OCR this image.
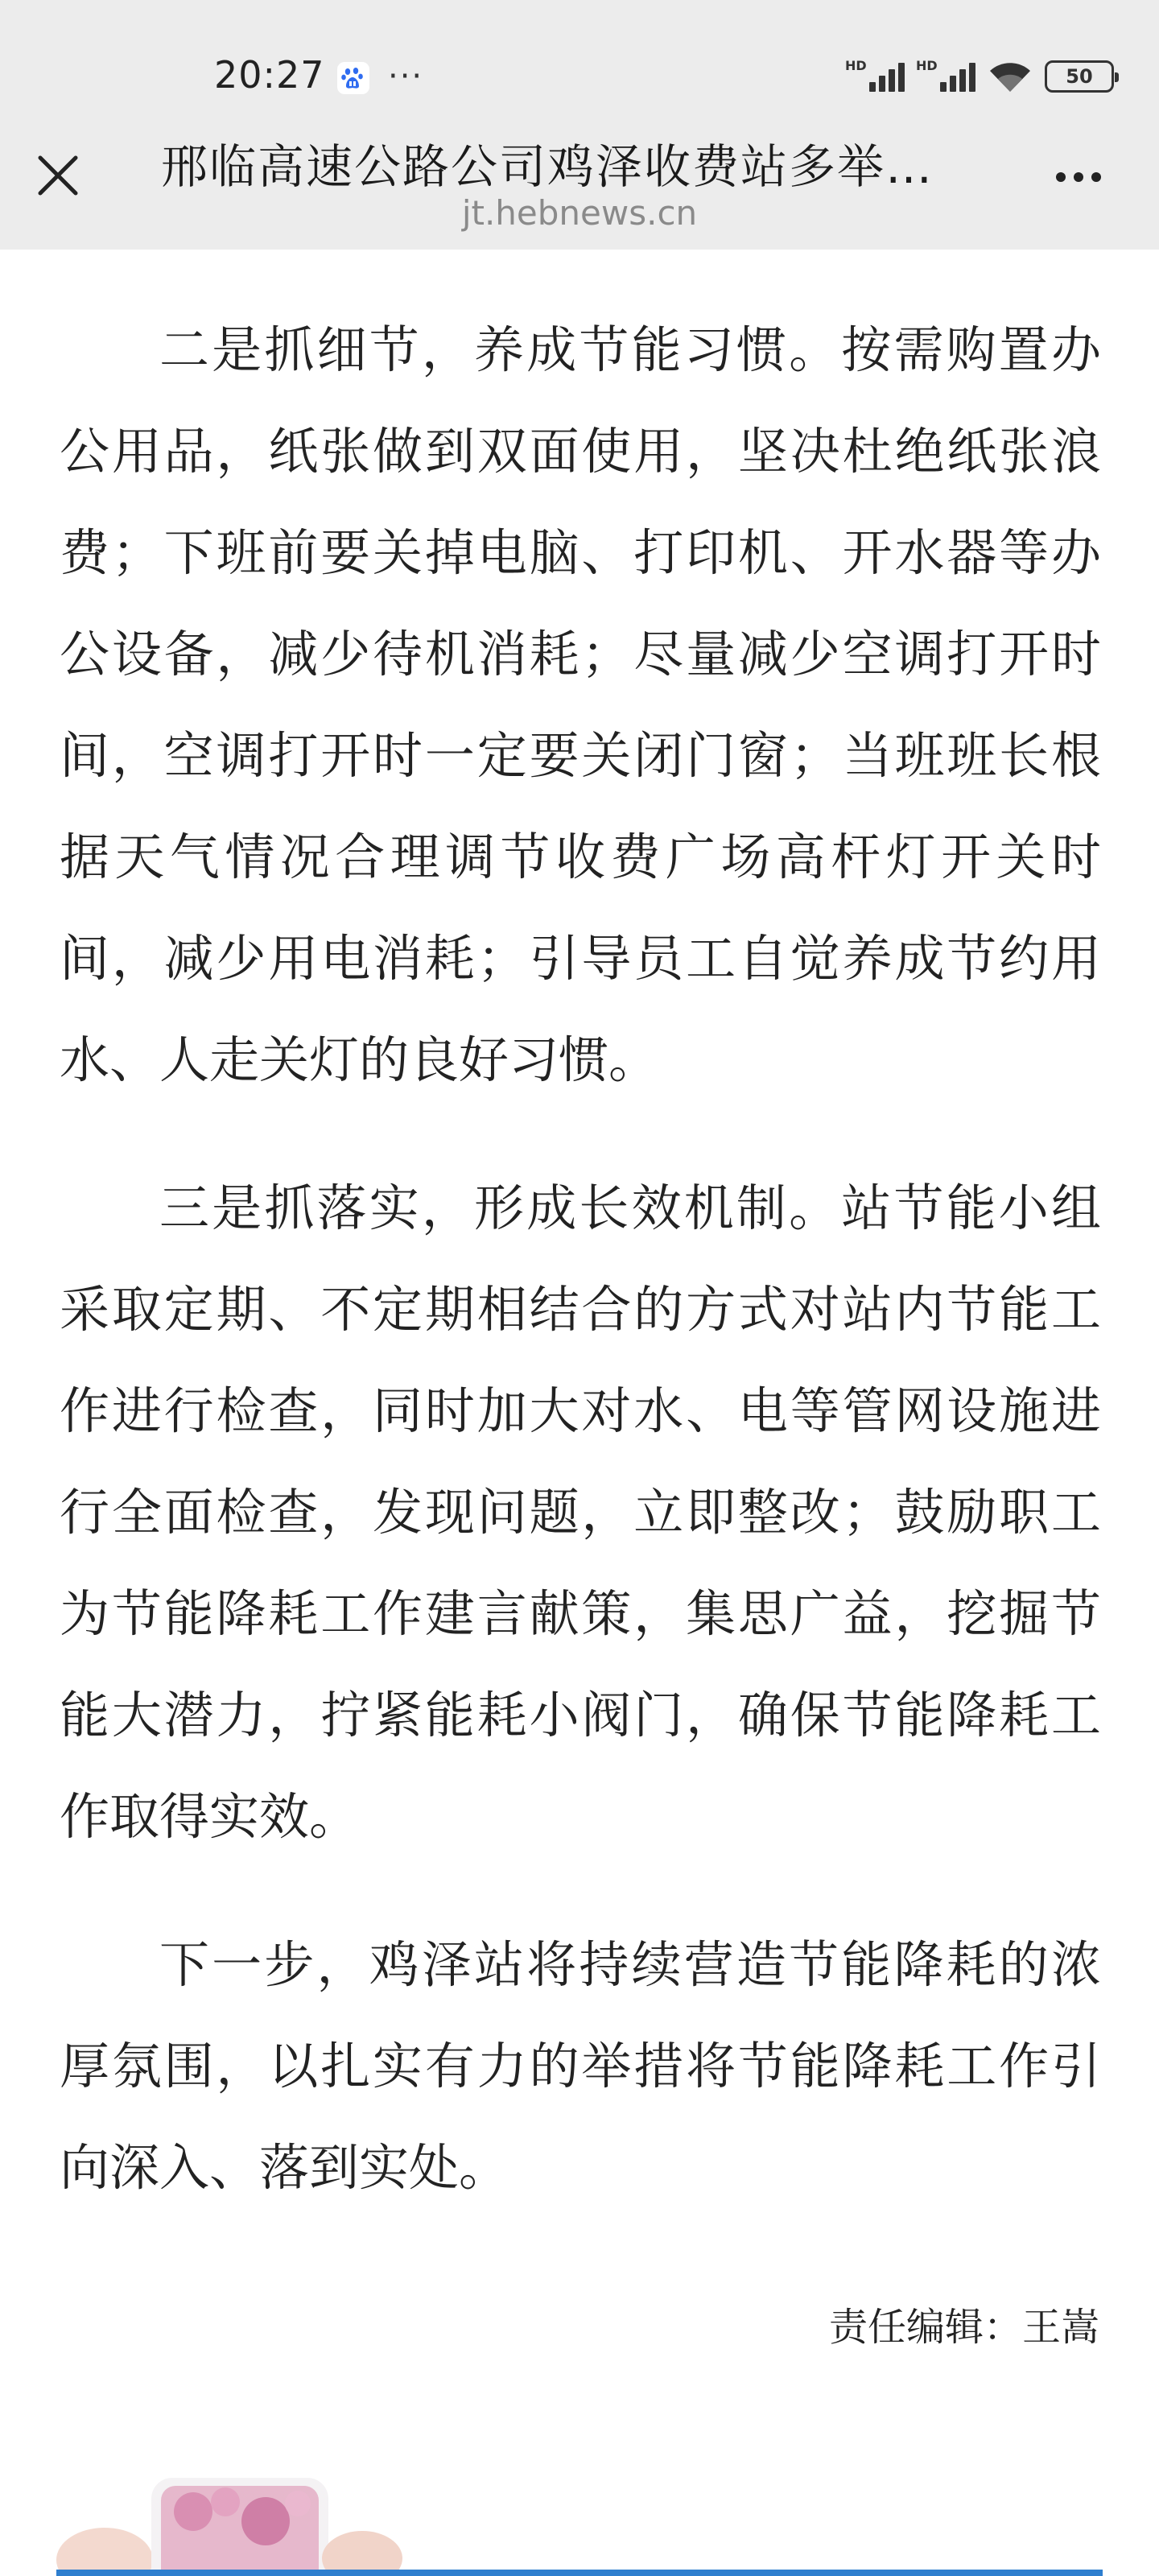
20:27 ···	HD	HD	50
邢临高速公路公司鸡泽收费站多举…
jt.hebnews.cn

二是抓细节，养成节能习惯。按需购置办公用品，纸张做到双面使用，坚决杜绝纸张浪费；下班前要关掉电脑、打印机、开水器等办公设备，减少待机消耗；尽量减少空调打开时间，空调打开时一定要关闭门窗；当班班长根据天气情况合理调节收费广场高杆灯开关时间，减少用电消耗；引导员工自觉养成节约用水、人走关灯的良好习惯。

三是抓落实，形成长效机制。站节能小组采取定期、不定期相结合的方式对站内节能工作进行检查，同时加大对水、电等管网设施进行全面检查，发现问题，立即整改；鼓励职工为节能降耗工作建言献策，集思广益，挖掘节能大潜力，拧紧能耗小阀门，确保节能降耗工作取得实效。

下一步，鸡泽站将持续营造节能降耗的浓厚氛围，以扎实有力的举措将节能降耗工作引向深入、落到实处。

责任编辑：王嵩
